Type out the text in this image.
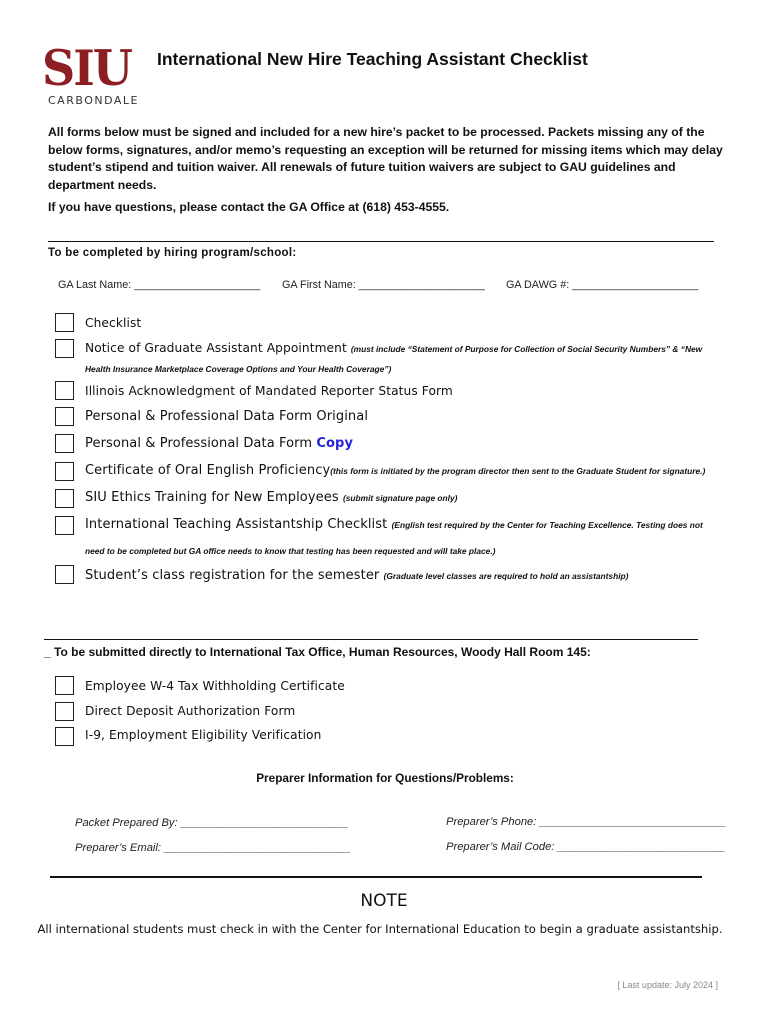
SIU
CARBONDALE
International New Hire Teaching Assistant Checklist
All forms below must be signed and included for a new hire’s packet to be processed. Packets missing any of the below forms, signatures, and/or memo’s requesting an exception will be returned for missing items which may delay student’s stipend and tuition waiver. All renewals of future tuition waivers are subject to GAU guidelines and department needs.
If you have questions, please contact the GA Office at (618) 453-4555.
To be completed by hiring program/school:
GA Last Name: _____________________ GA First Name: _____________________ GA DAWG #: _____________________
Checklist
Notice of Graduate Assistant Appointment (must include “Statement of Purpose for Collection of Social Security Numbers” & “New
Health Insurance Marketplace Coverage Options and Your Health Coverage”)
Illinois Acknowledgment of Mandated Reporter Status Form
Personal & Professional Data Form Original
Personal & Professional Data Form Copy
Certificate of Oral English Proficiency(this form is initiated by the program director then sent to the Graduate Student for signature.)
SIU Ethics Training for New Employees (submit signature page only)
International Teaching Assistantship Checklist (English test required by the Center for Teaching Excellence. Testing does not
need to be completed but GA office needs to know that testing has been requested and will take place.)
Student’s class registration for the semester (Graduate level classes are required to hold an assistantship)
_ To be submitted directly to International Tax Office, Human Resources, Woody Hall Room 145:
Employee W-4 Tax Withholding Certificate
Direct Deposit Authorization Form
I-9, Employment Eligibility Verification
Preparer Information for Questions/Problems:
Packet Prepared By: ___________________________	Preparer’s Phone: ______________________________
Preparer’s Email: ______________________________	Preparer’s Mail Code: ___________________________
NOTE
All international students must check in with the Center for International Education to begin a graduate assistantship.
[ Last update: July 2024 ]
